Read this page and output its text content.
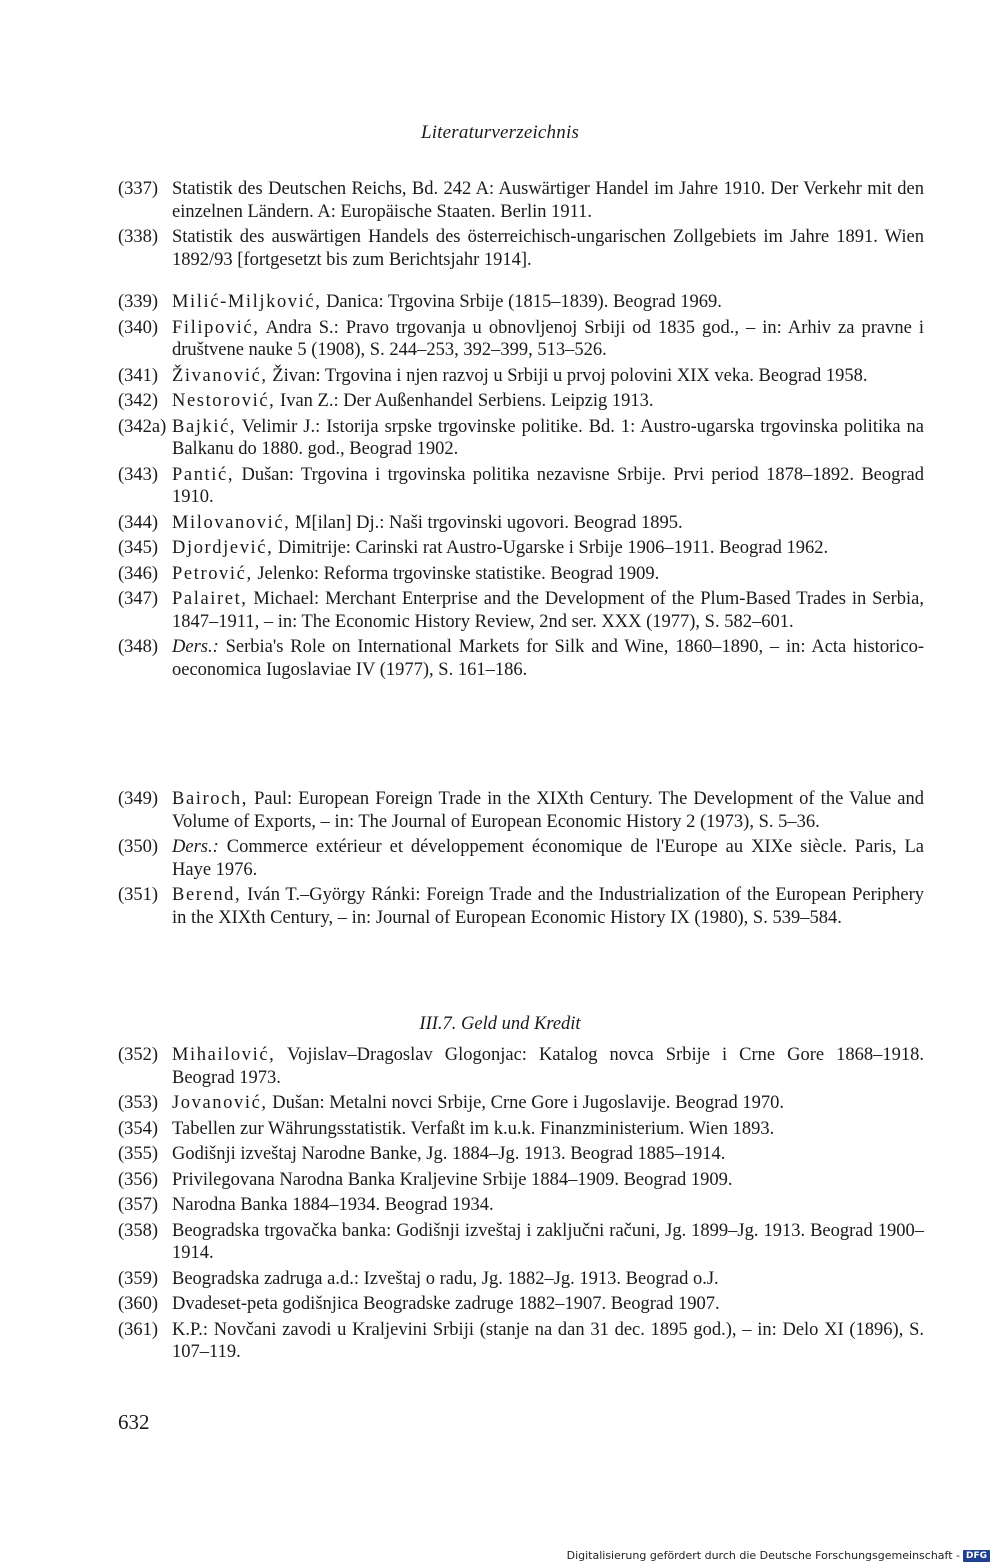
Literaturverzeichnis
(337) Statistik des Deutschen Reichs, Bd. 242 A: Auswärtiger Handel im Jahre 1910. Der Verkehr mit den einzelnen Ländern. A: Europäische Staaten. Berlin 1911.
(338) Statistik des auswärtigen Handels des österreichisch-ungarischen Zollgebiets im Jahre 1891. Wien 1892/93 [fortgesetzt bis zum Berichtsjahr 1914].
(339) Milić-Miljković, Danica: Trgovina Srbije (1815–1839). Beograd 1969.
(340) Filipović, Andra S.: Pravo trgovanja u obnovljenoj Srbiji od 1835 god., – in: Arhiv za pravne i društvene nauke 5 (1908), S. 244–253, 392–399, 513–526.
(341) Živanović, Živan: Trgovina i njen razvoj u Srbiji u prvoj polovini XIX veka. Beograd 1958.
(342) Nestorović, Ivan Z.: Der Außenhandel Serbiens. Leipzig 1913.
(342a) Bajkić, Velimir J.: Istorija srpske trgovinske politike. Bd. 1: Austro-ugarska trgovinska politika na Balkanu do 1880. god., Beograd 1902.
(343) Pantić, Dušan: Trgovina i trgovinska politika nezavisne Srbije. Prvi period 1878–1892. Beograd 1910.
(344) Milovanović, M[ilan] Dj.: Naši trgovinski ugovori. Beograd 1895.
(345) Djordjević, Dimitrije: Carinski rat Austro-Ugarske i Srbije 1906–1911. Beograd 1962.
(346) Petrović, Jelenko: Reforma trgovinske statistike. Beograd 1909.
(347) Palairet, Michael: Merchant Enterprise and the Development of the Plum-Based Trades in Serbia, 1847–1911, – in: The Economic History Review, 2nd ser. XXX (1977), S. 582–601.
(348) Ders.: Serbia's Role on International Markets for Silk and Wine, 1860–1890, – in: Acta historico-oeconomica Iugoslaviae IV (1977), S. 161–186.
(349) Bairoch, Paul: European Foreign Trade in the XIXth Century. The Development of the Value and Volume of Exports, – in: The Journal of European Economic History 2 (1973), S. 5–36.
(350) Ders.: Commerce extérieur et développement économique de l'Europe au XIXe siècle. Paris, La Haye 1976.
(351) Berend, Iván T.–György Ránki: Foreign Trade and the Industrialization of the European Periphery in the XIXth Century, – in: Journal of European Economic History IX (1980), S. 539–584.
III.7. Geld und Kredit
(352) Mihailović, Vojislav–Dragoslav Glogonjac: Katalog novca Srbije i Crne Gore 1868–1918. Beograd 1973.
(353) Jovanović, Dušan: Metalni novci Srbije, Crne Gore i Jugoslavije. Beograd 1970.
(354) Tabellen zur Währungsstatistik. Verfaßt im k.u.k. Finanzministerium. Wien 1893.
(355) Godišnji izveštaj Narodne Banke, Jg. 1884–Jg. 1913. Beograd 1885–1914.
(356) Privilegovana Narodna Banka Kraljevine Srbije 1884–1909. Beograd 1909.
(357) Narodna Banka 1884–1934. Beograd 1934.
(358) Beogradska trgovačka banka: Godišnji izveštaj i zaključni računi, Jg. 1899–Jg. 1913. Beograd 1900–1914.
(359) Beogradska zadruga a.d.: Izveštaj o radu, Jg. 1882–Jg. 1913. Beograd o.J.
(360) Dvadeset-peta godišnjica Beogradske zadruge 1882–1907. Beograd 1907.
(361) K.P.: Novčani zavodi u Kraljevini Srbiji (stanje na dan 31 dec. 1895 god.), – in: Delo XI (1896), S. 107–119.
632
Digitalisierung gefördert durch die Deutsche Forschungsgemeinschaft - DFG
